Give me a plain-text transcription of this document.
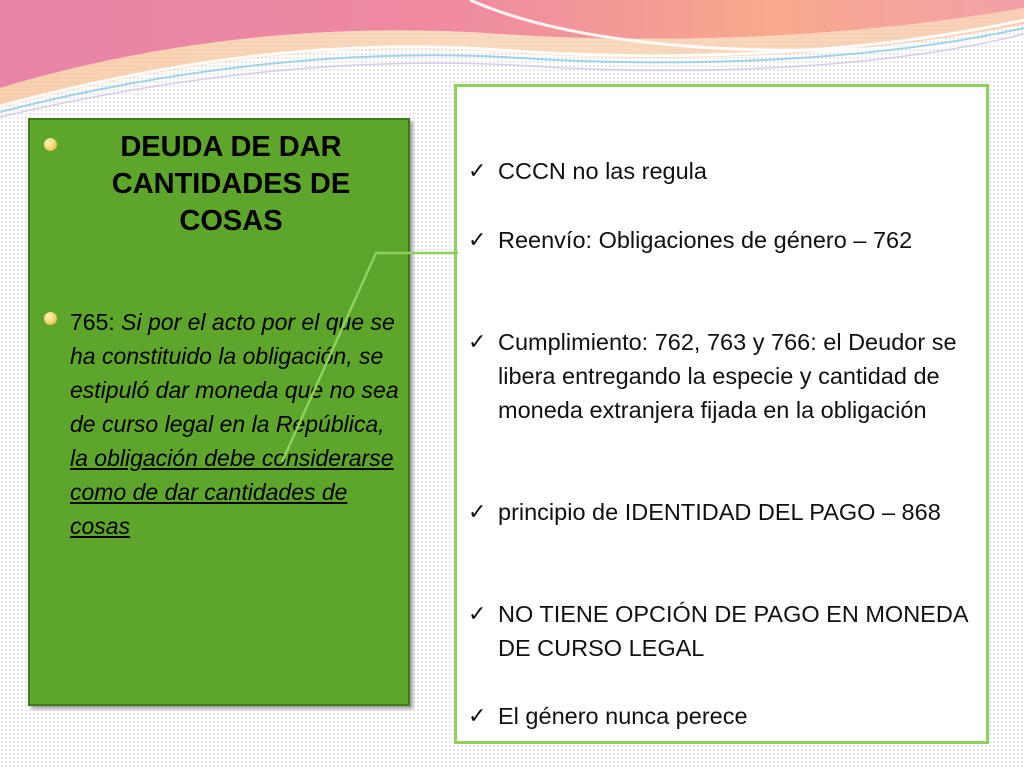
DEUDA DE DAR CANTIDADES DE COSAS
765: Si por el acto por el que se ha constituido la obligación, se estipuló dar moneda que no sea de curso legal en la República, la obligación debe considerarse como de dar cantidades de cosas
✓ CCCN no las regula
✓ Reenvío: Obligaciones de género – 762
✓ Cumplimiento: 762, 763 y 766: el Deudor se libera entregando la especie y cantidad de moneda extranjera fijada en la obligación
✓ principio de IDENTIDAD DEL PAGO – 868
✓ NO TIENE OPCIÓN DE PAGO EN MONEDA DE CURSO LEGAL
✓ El género nunca perece
